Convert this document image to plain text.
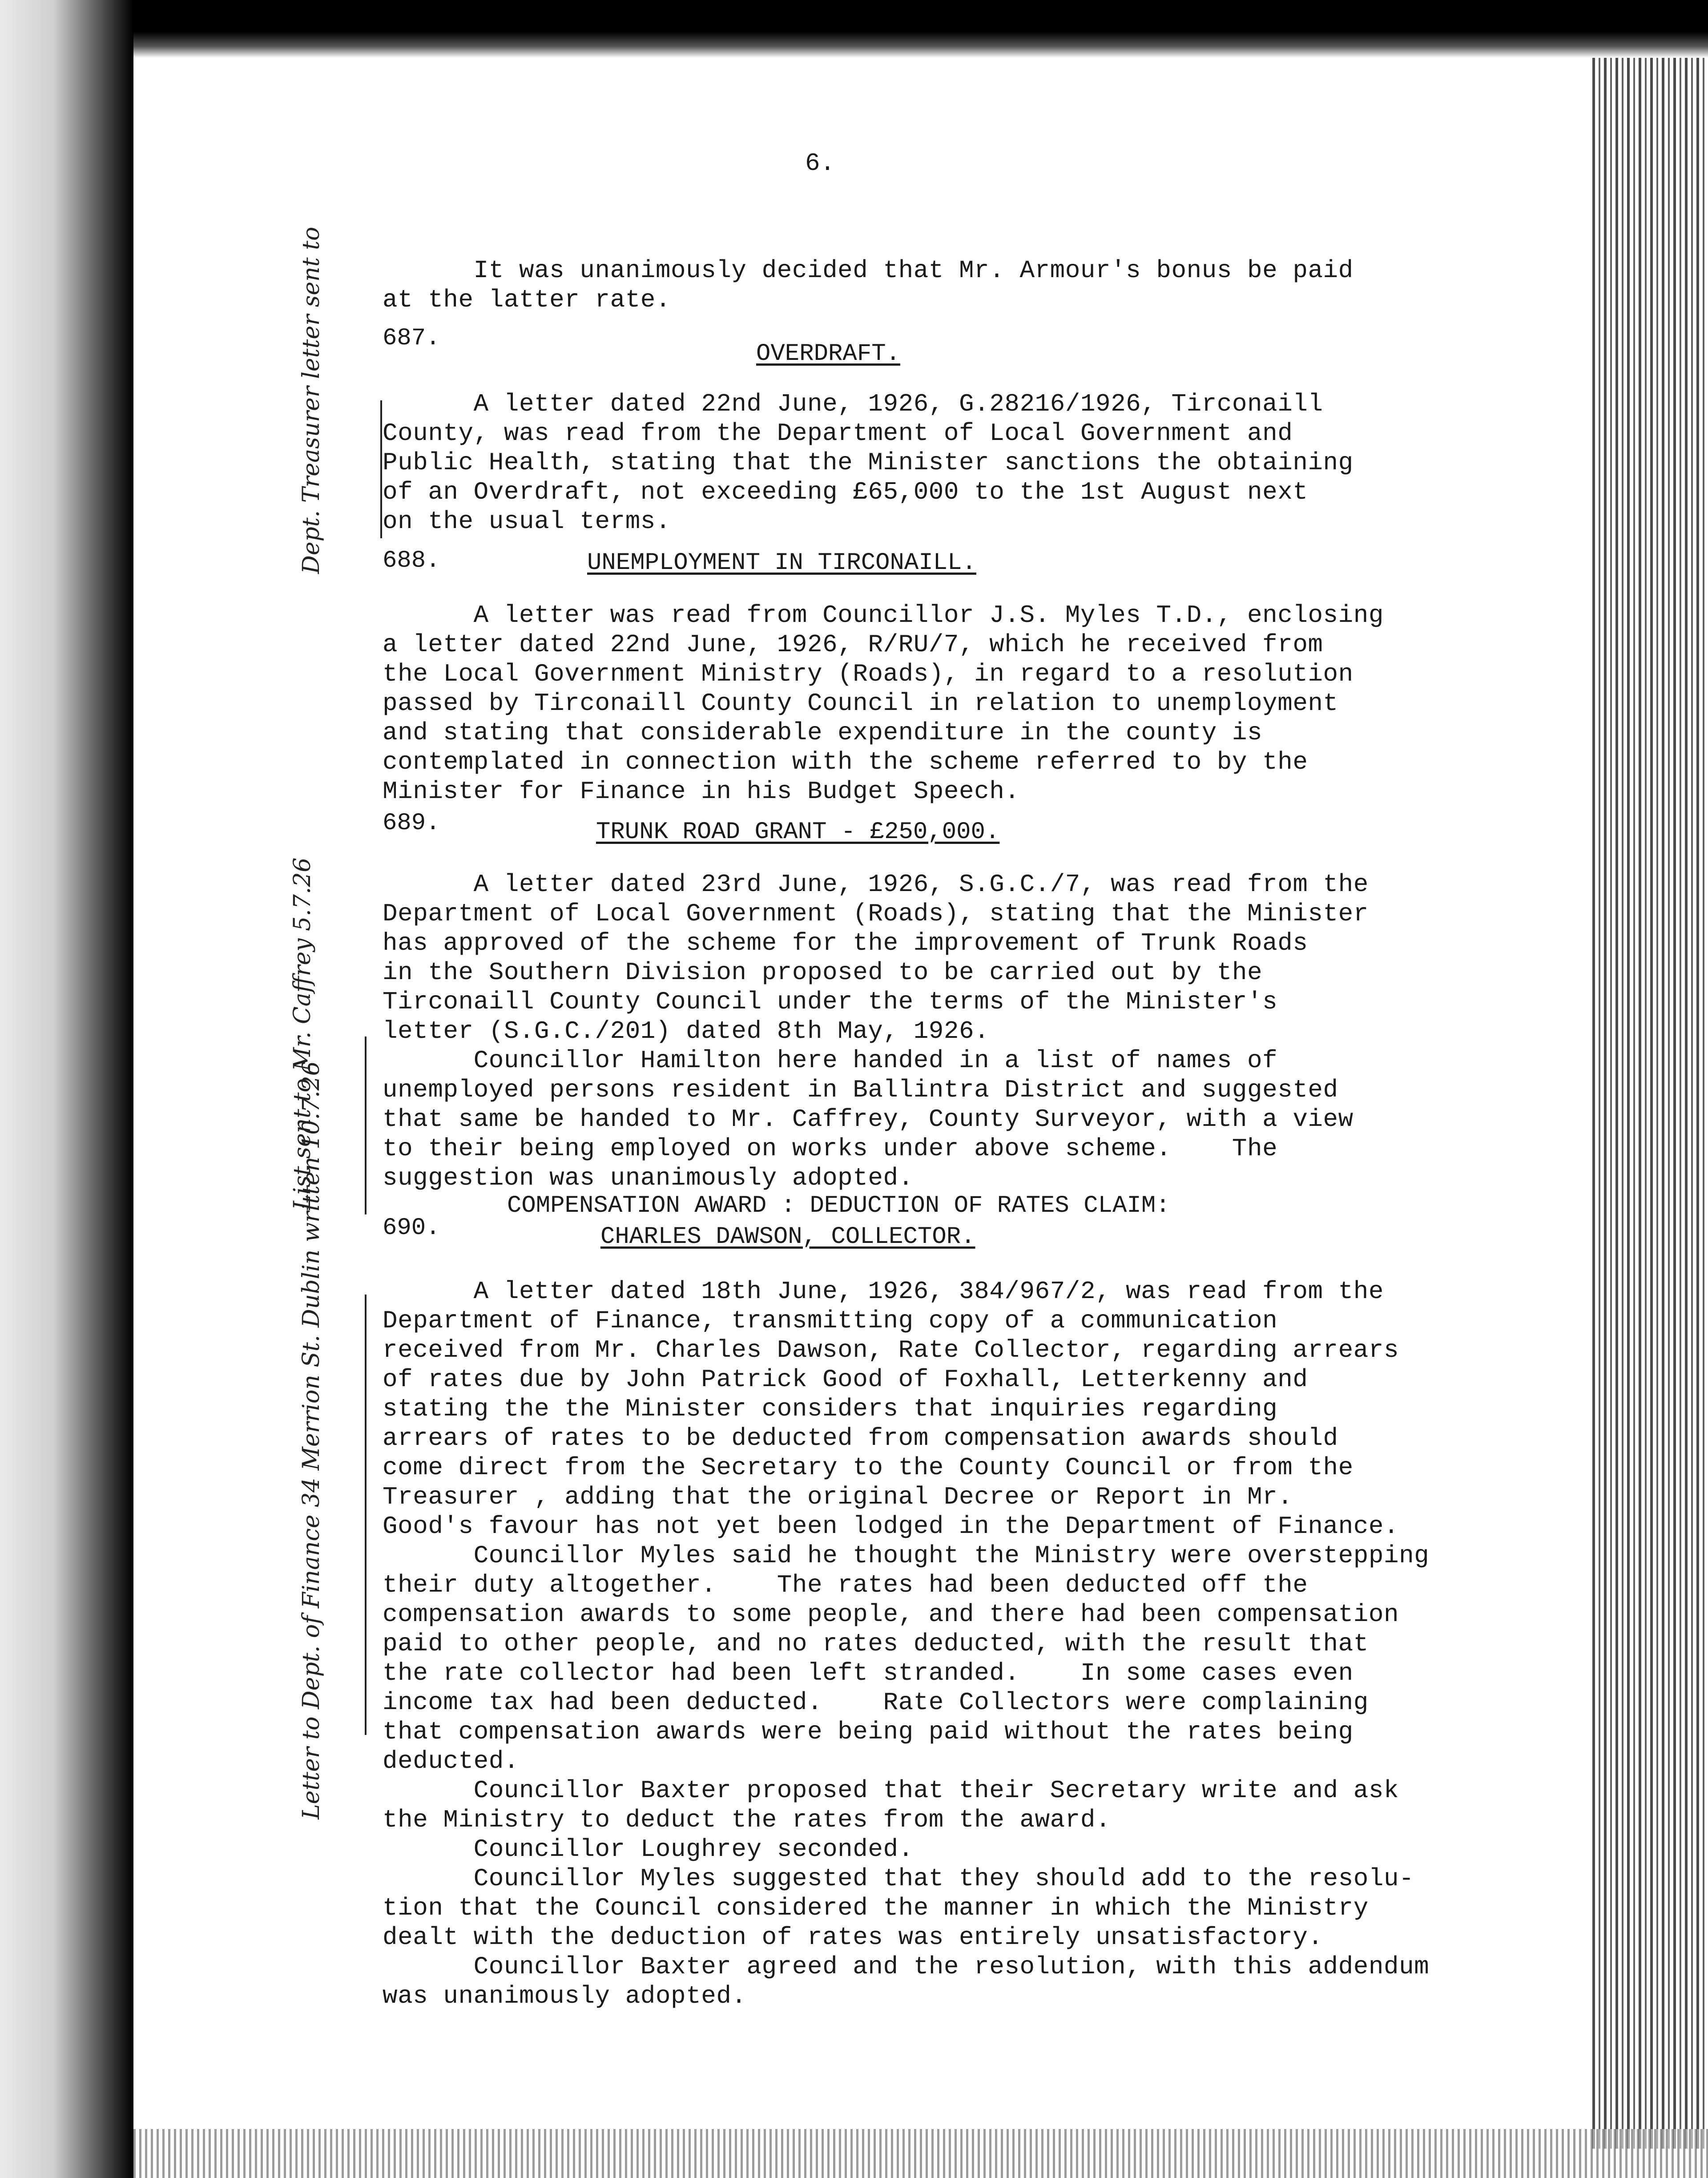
6.
It was unanimously decided that Mr. Armour's bonus be paid
at the latter rate.
687.
OVERDRAFT.
Dept. Treasurer letter sent to	A letter dated 22nd June, 1926, G.28216/1926, Tirconaill
County, was read from the Department of Local Government and
Public Health, stating that the Minister sanctions the obtaining
of an Overdraft, not exceeding £65,000 to the 1st August next
on the usual terms.
688.	UNEMPLOYMENT IN TIRCONAILL.
A letter was read from Councillor J.S. Myles T.D., enclosing
a letter dated 22nd June, 1926, R/RU/7, which he received from
the Local Government Ministry (Roads), in regard to a resolution
passed by Tirconaill County Council in relation to unemployment
and stating that considerable expenditure in the county is
contemplated in connection with the scheme referred to by the
Minister for Finance in his Budget Speech.
689.	TRUNK ROAD GRANT - £250,000.
List sent to Mr. Caffrey 5.7.26	A letter dated 23rd June, 1926, S.G.C./7, was read from the
Department of Local Government (Roads), stating that the Minister
has approved of the scheme for the improvement of Trunk Roads
in the Southern Division proposed to be carried out by the
Tirconaill County Council under the terms of the Minister's
letter (S.G.C./201) dated 8th May, 1926.
Councillor Hamilton here handed in a list of names of
unemployed persons resident in Ballintra District and suggested
that same be handed to Mr. Caffrey, County Surveyor, with a view
to their being employed on works under above scheme.    The
suggestion was unanimously adopted.
690.
COMPENSATION AWARD : DEDUCTION OF RATES CLAIM:
CHARLES DAWSON, COLLECTOR.
Letter to Dept. of Finance 34 Merrion St. Dublin written 10.7.26	A letter dated 18th June, 1926, 384/967/2, was read from the
Department of Finance, transmitting copy of a communication
received from Mr. Charles Dawson, Rate Collector, regarding arrears
of rates due by John Patrick Good of Foxhall, Letterkenny and
stating the the Minister considers that inquiries regarding
arrears of rates to be deducted from compensation awards should
come direct from the Secretary to the County Council or from the
Treasurer , adding that the original Decree or Report in Mr.
Good's favour has not yet been lodged in the Department of Finance.
Councillor Myles said he thought the Ministry were overstepping
their duty altogether.    The rates had been deducted off the
compensation awards to some people, and there had been compensation
paid to other people, and no rates deducted, with the result that
the rate collector had been left stranded.    In some cases even
income tax had been deducted.    Rate Collectors were complaining
that compensation awards were being paid without the rates being
deducted.
Councillor Baxter proposed that their Secretary write and ask
the Ministry to deduct the rates from the award.
Councillor Loughrey seconded.
Councillor Myles suggested that they should add to the resolu-
tion that the Council considered the manner in which the Ministry
dealt with the deduction of rates was entirely unsatisfactory.
Councillor Baxter agreed and the resolution, with this addendum
was unanimously adopted.
